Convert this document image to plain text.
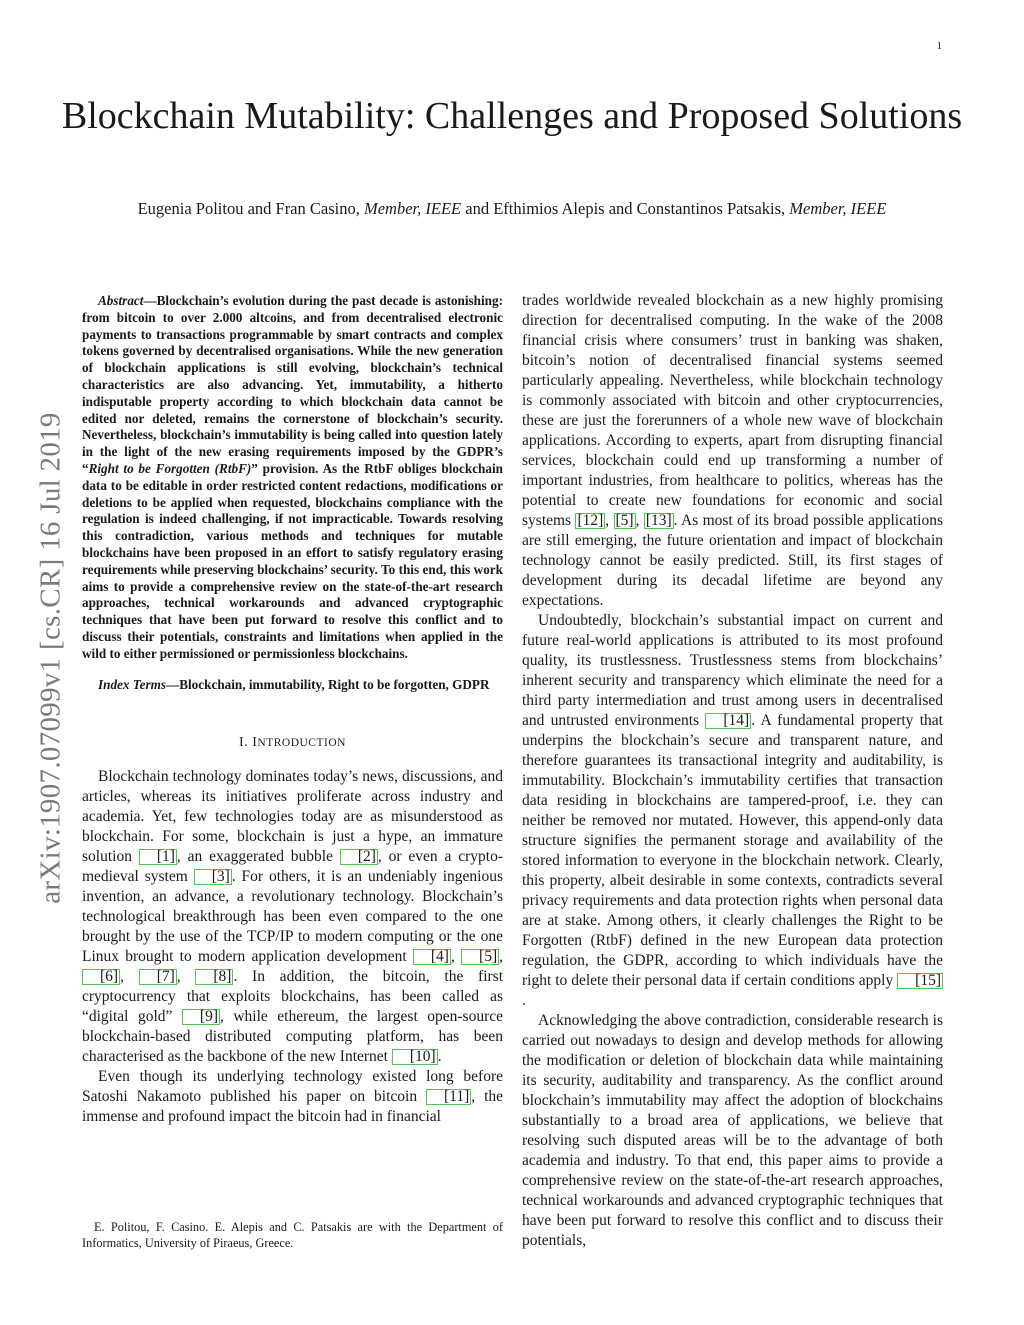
1
Blockchain Mutability: Challenges and Proposed Solutions
Eugenia Politou and Fran Casino, Member, IEEE and Efthimios Alepis and Constantinos Patsakis, Member, IEEE
arXiv:1907.07099v1 [cs.CR] 16 Jul 2019

Abstract—Blockchain’s evolution during the past decade is astonishing: from bitcoin to over 2.000 altcoins, and from decentralised electronic payments to transactions programmable by smart contracts and complex tokens governed by decentralised organisations. While the new generation of blockchain applications is still evolving, blockchain’s technical characteristics are also advancing. Yet, immutability, a hitherto indisputable property according to which blockchain data cannot be edited nor deleted, remains the cornerstone of blockchain’s security. Nevertheless, blockchain’s immutability is being called into question lately in the light of the new erasing requirements imposed by the GDPR’s “Right to be Forgotten (RtbF)” provision. As the RtbF obliges blockchain data to be editable in order restricted content redactions, modifications or deletions to be applied when requested, blockchains compliance with the regulation is indeed challenging, if not impracticable. Towards resolving this contradiction, various methods and techniques for mutable blockchains have been proposed in an effort to satisfy regulatory erasing requirements while preserving blockchains’ security. To this end, this work aims to provide a comprehensive review on the state-of-the-art research approaches, technical workarounds and advanced cryptographic techniques that have been put forward to resolve this conflict and to discuss their potentials, constraints and limitations when applied in the wild to either permissioned or permissionless blockchains.

Index Terms—Blockchain, immutability, Right to be forgotten, GDPR

I. INTRODUCTION

Blockchain technology dominates today’s news, discussions, and articles, whereas its initiatives proliferate across industry and academia. Yet, few technologies today are as misunderstood as blockchain. For some, blockchain is just a hype, an immature solution [1] , an exaggerated bubble [2] , or even a crypto-medieval system [3] . For others, it is an undeniably ingenious invention, an advance, a revolutionary technology. Blockchain’s technological breakthrough has been even compared to the one brought by the use of the TCP/IP to modern computing or the one Linux brought to modern application development [4] , [5] , [6] , [7] , [8] . In addition, the bitcoin, the first cryptocurrency that exploits blockchains, has been called as “digital gold” [9] , while ethereum, the largest open-source blockchain-based distributed computing platform, has been characterised as the backbone of the new Internet [10] .

Even though its underlying technology existed long before Satoshi Nakamoto published his paper on bitcoin [11] , the immense and profound impact the bitcoin had in financial

E. Politou, F. Casino. E. Alepis and C. Patsakis are with the Department of Informatics, University of Piraeus, Greece.

trades worldwide revealed blockchain as a new highly promising direction for decentralised computing. In the wake of the 2008 financial crisis where consumers’ trust in banking was shaken, bitcoin’s notion of decentralised financial systems seemed particularly appealing. Nevertheless, while blockchain technology is commonly associated with bitcoin and other cryptocurrencies, these are just the forerunners of a whole new wave of blockchain applications. According to experts, apart from disrupting financial services, blockchain could end up transforming a number of important industries, from healthcare to politics, whereas has the potential to create new foundations for economic and social systems [12] , [5] , [13] . As most of its broad possible applications are still emerging, the future orientation and impact of blockchain technology cannot be easily predicted. Still, its first stages of development during its decadal lifetime are beyond any expectations.

Undoubtedly, blockchain’s substantial impact on current and future real-world applications is attributed to its most profound quality, its trustlessness. Trustlessness stems from blockchains’ inherent security and transparency which eliminate the need for a third party intermediation and trust among users in decentralised and untrusted environments [14] . A fundamental property that underpins the blockchain’s secure and transparent nature, and therefore guarantees its transactional integrity and auditability, is immutability. Blockchain’s immutability certifies that transaction data residing in blockchains are tampered-proof, i.e. they can neither be removed nor mutated. However, this append-only data structure signifies the permanent storage and availability of the stored information to everyone in the blockchain network. Clearly, this property, albeit desirable in some contexts, contradicts several privacy requirements and data protection rights when personal data are at stake. Among others, it clearly challenges the Right to be Forgotten (RtbF) defined in the new European data protection regulation, the GDPR, according to which individuals have the right to delete their personal data if certain conditions apply [15].

Acknowledging the above contradiction, considerable research is carried out nowadays to design and develop methods for allowing the modification or deletion of blockchain data while maintaining its security, auditability and transparency. As the conflict around blockchain’s immutability may affect the adoption of blockchains substantially to a broad area of applications, we believe that resolving such disputed areas will be to the advantage of both academia and industry. To that end, this paper aims to provide a comprehensive review on the state-of-the-art research approaches, technical workarounds and advanced cryptographic techniques that have been put forward to resolve this conflict and to discuss their potentials,
